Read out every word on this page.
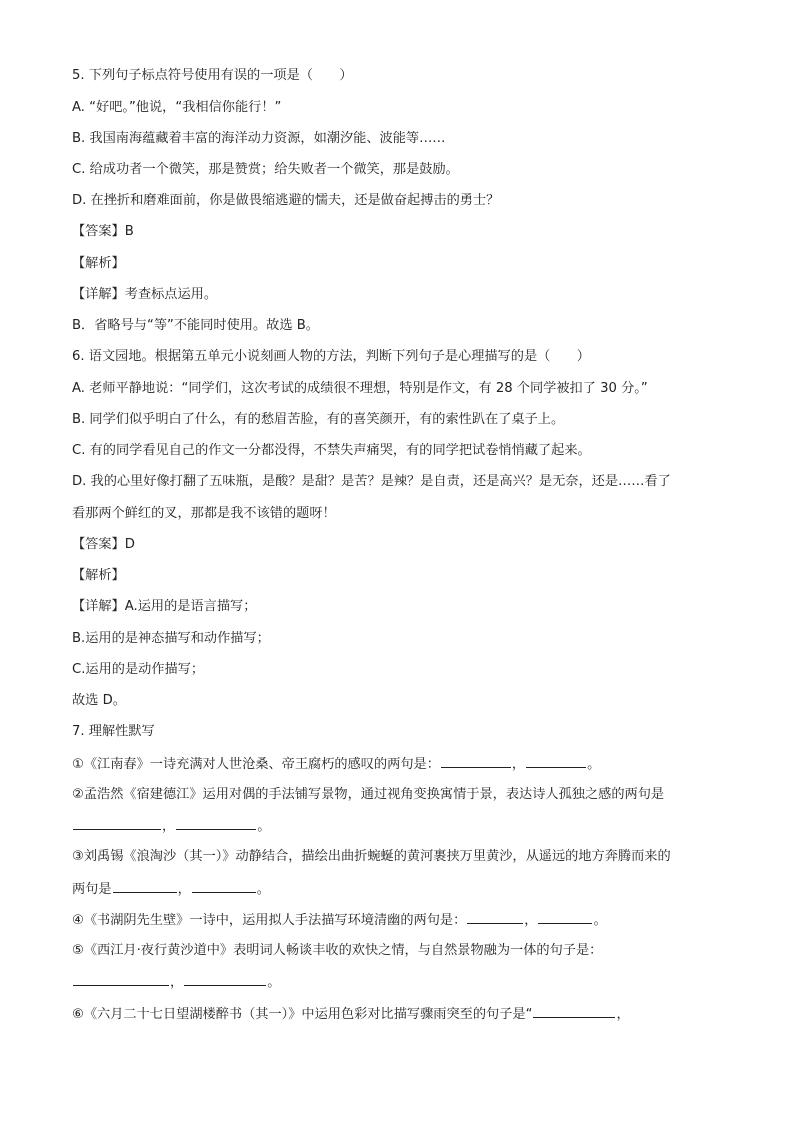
5. 下列句子标点符号使用有误的一项是（　　）
A. “好吧。”他说，“我相信你能行！”
B. 我国南海蕴藏着丰富的海洋动力资源，如潮汐能、波能等……
C. 给成功者一个微笑，那是赞赏；给失败者一个微笑，那是鼓励。
D. 在挫折和磨难面前，你是做畏缩逃避的懦夫，还是做奋起搏击的勇士？
【答案】B
【解析】
【详解】考查标点运用。
B．省略号与“等”不能同时使用。故选 B。
6. 语文园地。根据第五单元小说刻画人物的方法，判断下列句子是心理描写的是（　　）
A. 老师平静地说：“同学们，这次考试的成绩很不理想，特别是作文，有 28 个同学被扣了 30 分。”
B. 同学们似乎明白了什么，有的愁眉苦脸，有的喜笑颜开，有的索性趴在了桌子上。
C. 有的同学看见自己的作文一分都没得，不禁失声痛哭，有的同学把试卷悄悄藏了起来。
D. 我的心里好像打翻了五味瓶，是酸？是甜？是苦？是辣？是自责，还是高兴？是无奈，还是……看了
看那两个鲜红的叉，那都是我不该错的题呀！
【答案】D
【解析】
【详解】A.运用的是语言描写；
B.运用的是神态描写和动作描写；
C.运用的是动作描写；
故选 D。
7. 理解性默写
①《江南春》一诗充满对人世沧桑、帝王腐朽的感叹的两句是：	，	。
②孟浩然《宿建德江》运用对偶的手法铺写景物，通过视角变换寓情于景，表达诗人孤独之感的两句是
，	。
③刘禹锡《浪淘沙（其一）》动静结合，描绘出曲折蜿蜒的黄河裹挟万里黄沙，从遥远的地方奔腾而来的
两句是	，	。
④《书湖阴先生壁》一诗中，运用拟人手法描写环境清幽的两句是：	，	。
⑤《西江月·夜行黄沙道中》表明词人畅谈丰收的欢快之情，与自然景物融为一体的句子是：
，	。
⑥《六月二十七日望湖楼醉书（其一）》中运用色彩对比描写骤雨突至的句子是“	，
